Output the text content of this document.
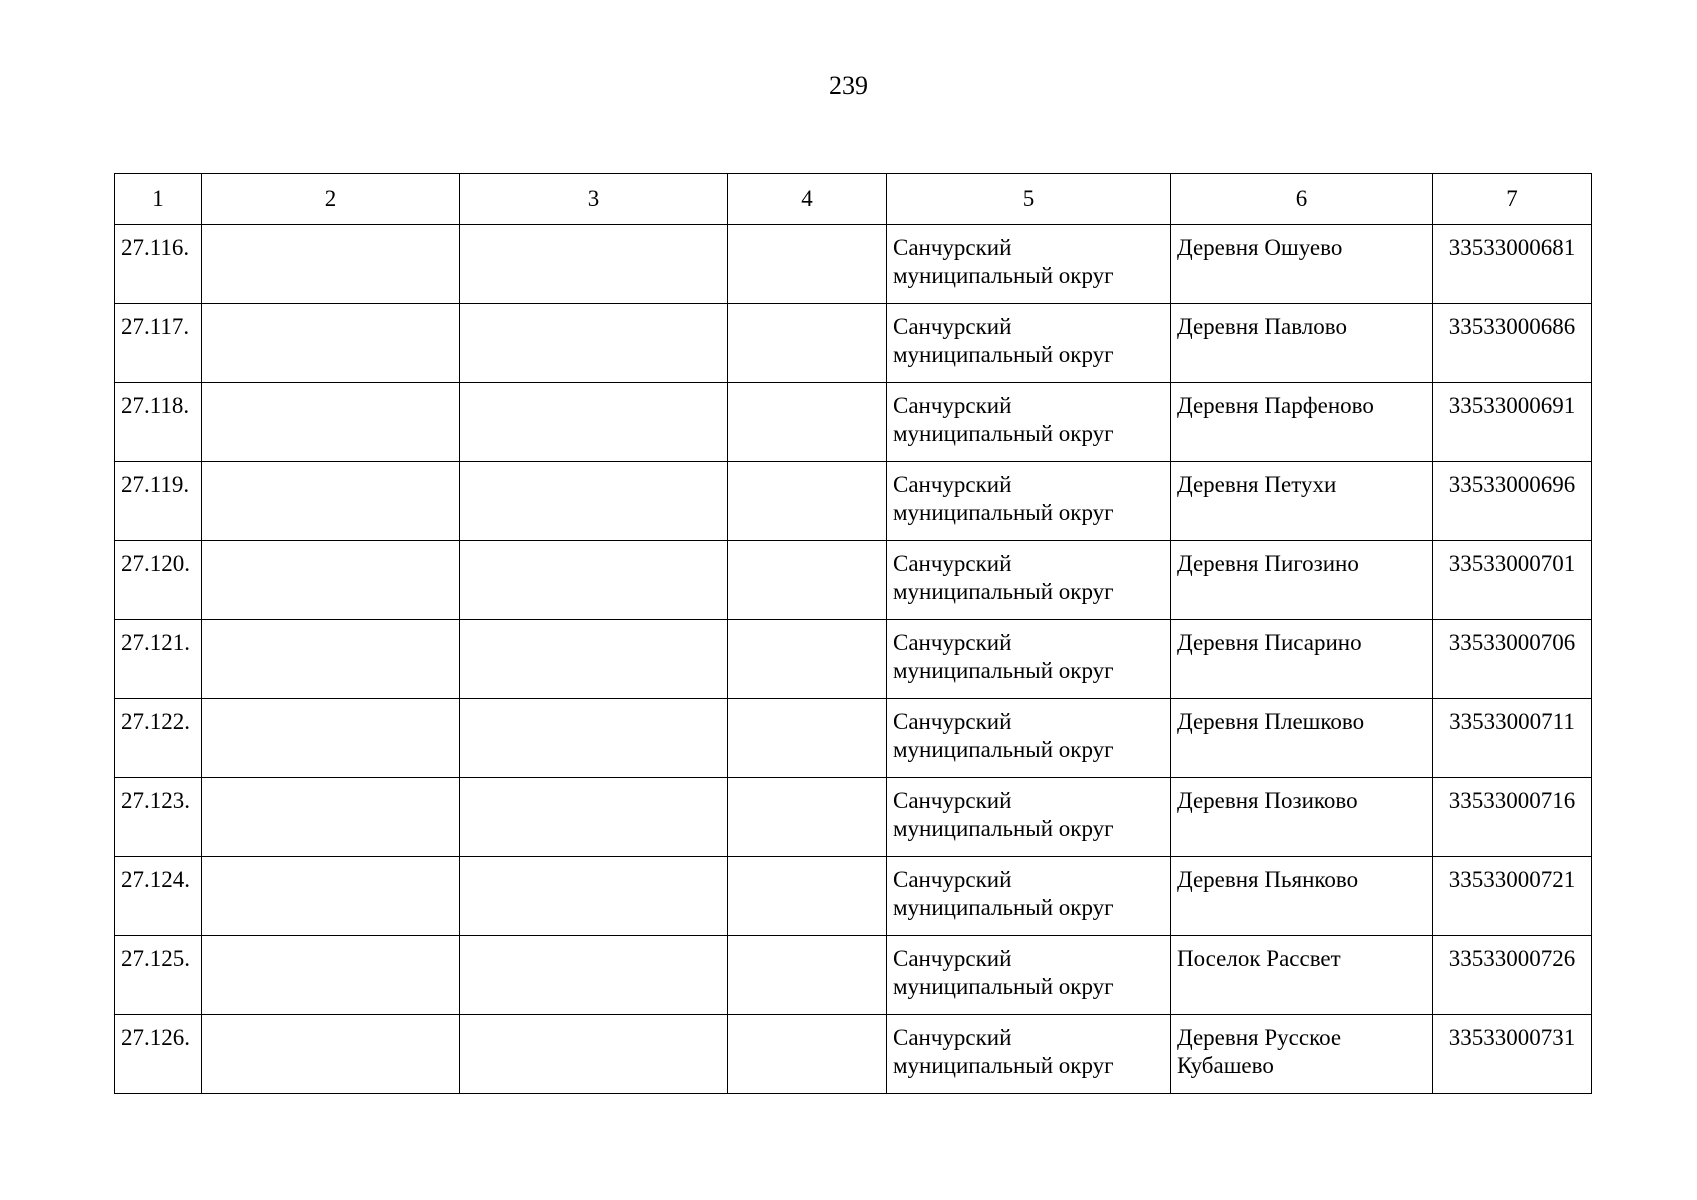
239
1	2	3	4	5	6	7
27.116.				Санчурский муниципальный округ	Деревня Ошуево	33533000681
27.117.				Санчурский муниципальный округ	Деревня Павлово	33533000686
27.118.				Санчурский муниципальный округ	Деревня Парфеново	33533000691
27.119.				Санчурский муниципальный округ	Деревня Петухи	33533000696
27.120.				Санчурский муниципальный округ	Деревня Пигозино	33533000701
27.121.				Санчурский муниципальный округ	Деревня Писарино	33533000706
27.122.				Санчурский муниципальный округ	Деревня Плешково	33533000711
27.123.				Санчурский муниципальный округ	Деревня Позиково	33533000716
27.124.				Санчурский муниципальный округ	Деревня Пьянково	33533000721
27.125.				Санчурский муниципальный округ	Поселок Рассвет	33533000726
27.126.				Санчурский муниципальный округ	Деревня Русское Кубашево	33533000731
